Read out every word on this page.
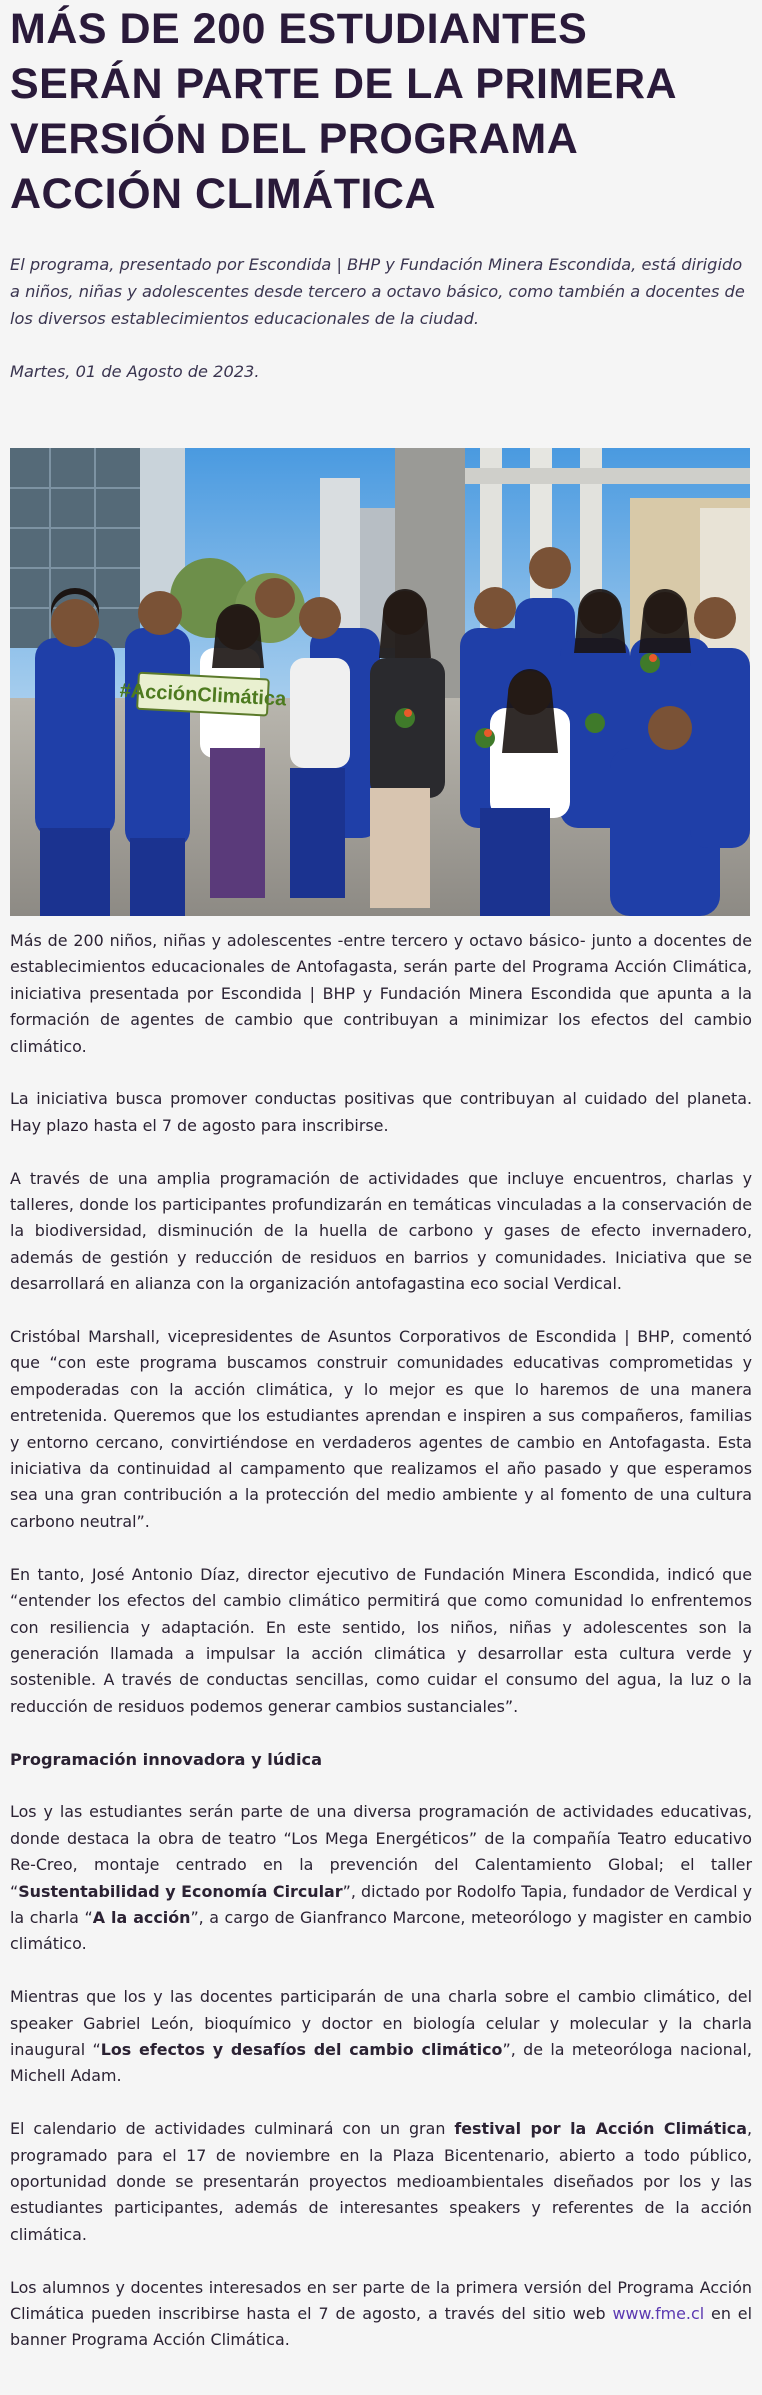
MÁS DE 200 ESTUDIANTES SERÁN PARTE DE LA PRIMERA VERSIÓN DEL PROGRAMA ACCIÓN CLIMÁTICA

El programa, presentado por Escondida | BHP y Fundación Minera Escondida, está dirigido a niños, niñas y adolescentes desde tercero a octavo básico, como también a docentes de los diversos establecimientos educacionales de la ciudad.

Martes, 01 de Agosto de 2023.

#AcciónClimática

Más de 200 niños, niñas y adolescentes -entre tercero y octavo básico- junto a docentes de establecimientos educacionales de Antofagasta, serán parte del Programa Acción Climática, iniciativa presentada por Escondida | BHP y Fundación Minera Escondida que apunta a la formación de agentes de cambio que contribuyan a minimizar los efectos del cambio climático.

La iniciativa busca promover conductas positivas que contribuyan al cuidado del planeta. Hay plazo hasta el 7 de agosto para inscribirse.

A través de una amplia programación de actividades que incluye encuentros, charlas y talleres, donde los participantes profundizarán en temáticas vinculadas a la conservación de la biodiversidad, disminución de la huella de carbono y gases de efecto invernadero, además de gestión y reducción de residuos en barrios y comunidades. Iniciativa que se desarrollará en alianza con la organización antofagastina eco social Verdical.

Cristóbal Marshall, vicepresidentes de Asuntos Corporativos de Escondida | BHP, comentó que “con este programa buscamos construir comunidades educativas comprometidas y empoderadas con la acción climática, y lo mejor es que lo haremos de una manera entretenida. Queremos que los estudiantes aprendan e inspiren a sus compañeros, familias y entorno cercano, convirtiéndose en verdaderos agentes de cambio en Antofagasta. Esta iniciativa da continuidad al campamento que realizamos el año pasado y que esperamos sea una gran contribución a la protección del medio ambiente y al fomento de una cultura carbono neutral”.

En tanto, José Antonio Díaz, director ejecutivo de Fundación Minera Escondida, indicó que “entender los efectos del cambio climático permitirá que como comunidad lo enfrentemos con resiliencia y adaptación. En este sentido, los niños, niñas y adolescentes son la generación llamada a impulsar la acción climática y desarrollar esta cultura verde y sostenible. A través de conductas sencillas, como cuidar el consumo del agua, la luz o la reducción de residuos podemos generar cambios sustanciales”.

Programación innovadora y lúdica

Los y las estudiantes serán parte de una diversa programación de actividades educativas, donde destaca la obra de teatro “Los Mega Energéticos” de la compañía Teatro educativo Re-Creo, montaje centrado en la prevención del Calentamiento Global; el taller “Sustentabilidad y Economía Circular”, dictado por Rodolfo Tapia, fundador de Verdical y la charla “A la acción”, a cargo de Gianfranco Marcone, meteorólogo y magister en cambio climático.

Mientras que los y las docentes participarán de una charla sobre el cambio climático, del speaker Gabriel León, bioquímico y doctor en biología celular y molecular y la charla inaugural “Los efectos y desafíos del cambio climático”, de la meteoróloga nacional, Michell Adam.

El calendario de actividades culminará con un gran festival por la Acción Climática, programado para el 17 de noviembre en la Plaza Bicentenario, abierto a todo público, oportunidad donde se presentarán proyectos medioambientales diseñados por los y las estudiantes participantes, además de interesantes speakers y referentes de la acción climática.

Los alumnos y docentes interesados en ser parte de la primera versión del Programa Acción Climática pueden inscribirse hasta el 7 de agosto, a través del sitio web www.fme.cl en el banner Programa Acción Climática.
